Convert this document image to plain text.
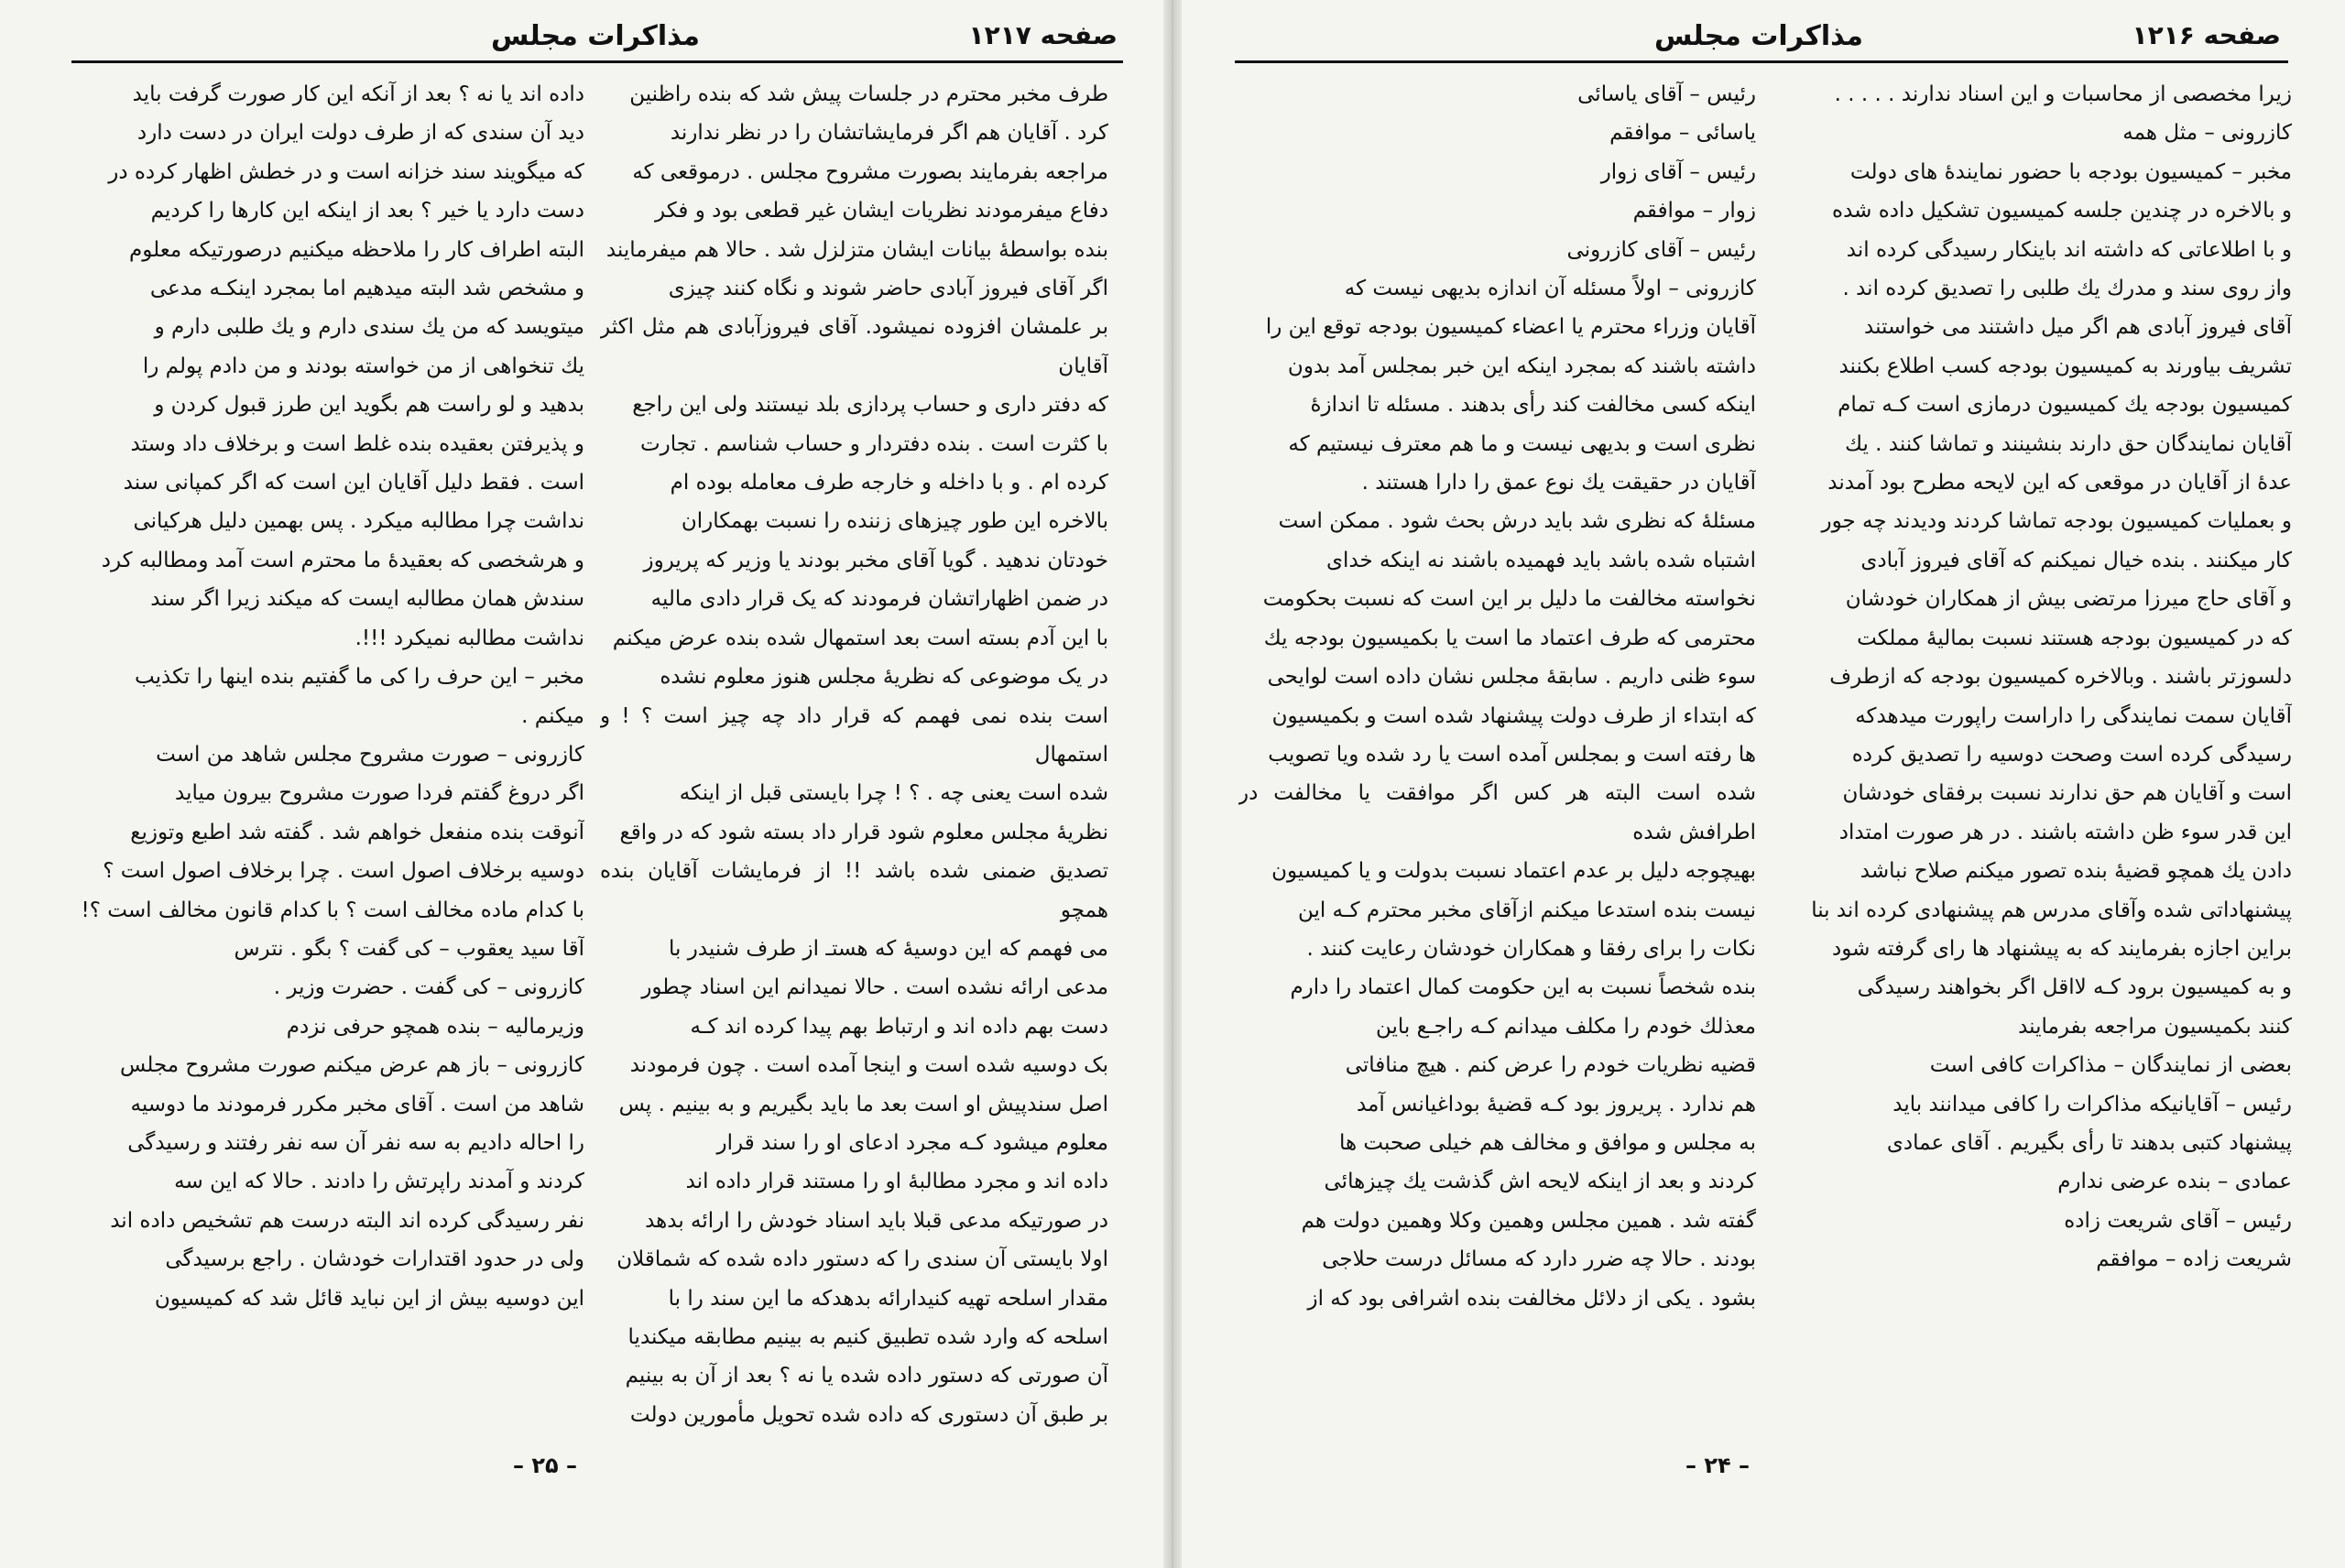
صفحه ۱۲۱۷
مذاکرات مجلس

طرف مخبر محترم در جلسات پیش شد که بنده راظنین
کرد . آقایان هم اگر فرمایشاتشان را در نظر ندارند
مراجعه بفرمایند بصورت مشروح مجلس . درموقعی که
دفاع میفرمودند نظریات ایشان غیر قطعی بود و فکر
بنده بواسطهٔ بیانات ایشان متزلزل شد . حالا هم میفرمایند
اگر آقای فیروز آبادی حاضر شوند و نگاه کنند چیزی
بر علمشان افزوده نمیشود. آقای فیروزآبادی هم مثل اکثر آقایان
که دفتر داری و حساب پردازی بلد نیستند ولی این راجع
با کثرت است . بنده دفتردار و حساب شناسم . تجارت
کرده ام . و با داخله و خارجه طرف معامله بوده ام
بالاخره این طور چیزهای زننده را نسبت بهمکاران
خودتان ندهید . گویا آقای مخبر بودند یا وزیر که پریروز
در ضمن اظهاراتشان فرمودند که یک قرار دادی مالیه
با این آدم بسته است بعد استمهال شده بنده عرض میکنم
در یک موضوعی که نظریهٔ مجلس هنوز معلوم نشده
است بنده نمی فهمم که قرار داد چه چیز است ؟ ! و استمهال
شده است یعنی چه . ؟ ! چرا بایستی قبل از اینکه
نظریهٔ مجلس معلوم شود قرار داد بسته شود که در واقع
تصدیق ضمنی شده باشد !! از فرمایشات آقایان بنده همچو
می فهمم که این دوسیهٔ که هستـ از طرف شنیدر با
مدعی ارائه نشده است . حالا نمیدانم این اسناد چطور
دست بهم داده اند و ارتباط بهم پیدا کرده اند کـه
بک دوسیه شده است و اینجا آمده است . چون فرمودند
اصل سندپیش او است بعد ما باید بگیریم و به بینیم . پس
معلوم میشود کـه مجرد ادعای او را سند قرار
داده اند و مجرد مطالبهٔ او را مستند قرار داده اند
در صورتیکه مدعی قبلا باید اسناد خودش را ارائه بدهد
اولا بایستی آن سندی را که دستور داده شده که شماقلان
مقدار اسلحه تهیه کنیدارائه بدهدکه ما این سند را با
اسلحه که وارد شده تطبیق کنیم به بینیم مطابقه میکندیا
آن صورتی که دستور داده شده یا نه ؟ بعد از آن به بینیم
بر طبق آن دستوری که داده شده تحویل مأمورین دولت

داده اند یا نه ؟ بعد از آنکه این کار صورت گرفت باید
دید آن سندی که از طرف دولت ایران در دست دارد
که میگویند سند خزانه است و در خطش اظهار کرده در
دست دارد یا خیر ؟ بعد از اینکه این کارها را کردیم
البته اطراف کار را ملاحظه میکنیم درصورتیکه معلوم
و مشخص شد البته میدهیم اما بمجرد اینکـه مدعی
میتویسد که من یك سندی دارم و یك طلبی دارم و
یك تنخواهی از من خواسته بودند و من دادم پولم را
بدهید و لو راست هم بگوید این طرز قبول کردن و
و پذیرفتن بعقیده بنده غلط است و برخلاف داد وستد
است . فقط دلیل آقایان این است که اگر کمپانی سند
نداشت چرا مطالبه میکرد . پس بهمین دلیل هرکیانی
و هرشخصی که بعقیدهٔ ما محترم است آمد ومطالبه کرد
سندش همان مطالبه ایست که میکند زیرا اگر سند
نداشت مطالبه نمیکرد !!!.

مخبر – این حرف را کی ما گفتیم بنده اینها را تکذیب
میکنم .

کازرونی – صورت مشروح مجلس شاهد من است
اگر دروغ گفتم فردا صورت مشروح بیرون میاید
آنوقت بنده منفعل خواهم شد . گفته شد اطبع وتوزیع
دوسیه برخلاف اصول است . چرا برخلاف اصول است ؟
با کدام ماده مخالف است ؟ با کدام قانون مخالف است ؟!

آقا سید یعقوب – کی گفت ؟ بگو . نترس

کازرونی – کی گفت . حضرت وزیر .

وزیرمالیه – بنده همچو حرفی نزدم

کازرونی – باز هم عرض میکنم صورت مشروح مجلس
شاهد من است . آقای مخبر مکرر فرمودند ما دوسیه
را احاله دادیم به سه نفر آن سه نفر رفتند و رسیدگی
کردند و آمدند راپرتش را دادند . حالا که این سه
نفر رسیدگی کرده اند البته درست هم تشخیص داده اند
ولی در حدود اقتدارات خودشان . راجع برسیدگی
این دوسیه بیش از این نباید قائل شد که کمیسیون

– ۲۵ –
صفحه ۱۲۱۶
مذاکرات مجلس

زیرا مخصصی از محاسبات و این اسناد ندارند . . . . .

کازرونی – مثل همه

مخبر – کمیسیون بودجه با حضور نمایندهٔ های دولت
و بالاخره در چندین جلسه کمیسیون تشکیل داده شده
و با اطلاعاتی که داشته اند باینکار رسیدگی کرده اند
واز روی سند و مدرك یك طلبی را تصدیق کرده اند .
آقای فیروز آبادی هم اگر میل داشتند می خواستند
تشریف بیاورند به کمیسیون بودجه کسب اطلاع بکنند
کمیسیون بودجه یك کمیسیون درمازی است کـه تمام
آقایان نمایندگان حق دارند بنشینند و تماشا کنند . یك
عدهٔ از آقایان در موقعی که این لایحه مطرح بود آمدند
و بعملیات کمیسیون بودجه تماشا کردند ودیدند چه جور
کار میکنند . بنده خیال نمیکنم که آقای فیروز آبادی
و آقای حاج میرزا مرتضی بیش از همکاران خودشان
که در کمیسیون بودجه هستند نسبت بمالیهٔ مملکت
دلسوزتر باشند . وبالاخره کمیسیون بودجه که ازطرف
آقایان سمت نمایندگی را داراست راپورت میدهدکه
رسیدگی کرده است وصحت دوسیه را تصدیق کرده
است و آقایان هم حق ندارند نسبت برفقای خودشان
این قدر سوء ظن داشته باشند . در هر صورت امتداد
دادن یك همچو قضیهٔ بنده تصور میکنم صلاح نباشد
پیشنهاداتی شده وآقای مدرس هم پیشنهادی کرده اند بنا
براین اجازه بفرمایند که به پیشنهاد ها رای گرفته شود
و به کمیسیون برود کـه لااقل اگر بخواهند رسیدگی
کنند بکمیسیون مراجعه بفرمایند

بعضی از نمایندگان – مذاکرات کافی است

رئیس – آقایانیکه مذاکرات را کافی میدانند باید
پیشنهاد کتبی بدهند تا رأی بگیریم . آقای عمادی

عمادی – بنده عرضی ندارم

رئیس – آقای شریعت زاده

شریعت زاده – موافقم

رئیس – آقای یاسائی

یاسائی – موافقم

رئیس – آقای زوار

زوار – موافقم

رئیس – آقای کازرونی

کازرونی – اولاً مسئله آن اندازه بدیهی نیست که
آقایان وزراء محترم یا اعضاء کمیسیون بودجه توقع این را
داشته باشند که بمجرد اینکه این خبر بمجلس آمد بدون
اینکه کسی مخالفت کند رأی بدهند . مسئله تا اندازهٔ
نظری است و بدیهی نیست و ما هم معترف نیستیم که
آقایان در حقیقت یك نوع عمق را دارا هستند .
مسئلهٔ که نظری شد باید درش بحث شود . ممکن است
اشتباه شده باشد باید فهمیده باشند نه اینکه خدای
نخواسته مخالفت ما دلیل بر این است که نسبت بحکومت
محترمی که طرف اعتماد ما است یا بکمیسیون بودجه یك
سوء ظنی داریم . سابقهٔ مجلس نشان داده است لوایحی
که ابتداء از طرف دولت پیشنهاد شده است و بکمیسیون
ها رفته است و بمجلس آمده است یا رد شده ویا تصویب
شده است البته هر کس اگر موافقت یا مخالفت در اطرافش شده
بهیچوجه دلیل بر عدم اعتماد نسبت بدولت و یا کمیسیون
نیست بنده استدعا میکنم ازآقای مخبر محترم کـه این
نکات را برای رفقا و همکاران خودشان رعایت کنند .
بنده شخصاً نسبت به این حکومت کمال اعتماد را دارم
معذلك خودم را مکلف میدانم کـه راجـع باین
قضیه نظریات خودم را عرض کنم . هیچ منافاتی
هم ندارد . پریروز بود کـه قضیهٔ بوداغیانس آمد
به مجلس و موافق و مخالف هم خیلی صحبت ها
کردند و بعد از اینکه لایحه اش گذشت یك چیزهائی
گفته شد . همین مجلس وهمین وکلا وهمین دولت هم
بودند . حالا چه ضرر دارد که مسائل درست حلاجی
بشود . یکی از دلائل مخالفت بنده اشرافی بود که از

– ۲۴ –
